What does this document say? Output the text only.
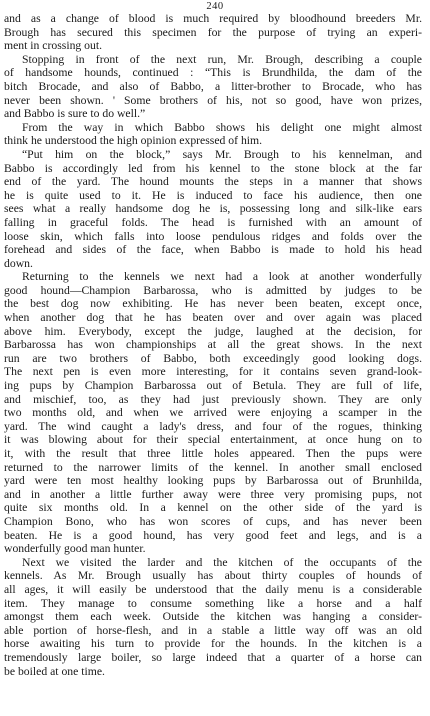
240
and as a change of blood is much required by bloodhound breeders Mr.
Brough has secured this specimen for the purpose of trying an experi-
ment in crossing out.
Stopping in front of the next run, Mr. Brough, describing a couple
of handsome hounds, continued : “This is Brundhilda, the dam of the
bitch Brocade, and also of Babbo, a litter-brother to Brocade, who has
never been shown. ' Some brothers of his, not so good, have won prizes,
and Babbo is sure to do well.”
From the way in which Babbo shows his delight one might almost
think he understood the high opinion expressed of him.
“Put him on the block,” says Mr. Brough to his kennelman, and
Babbo is accordingly led from his kennel to the stone block at the far
end of the yard. The hound mounts the steps in a manner that shows
he is quite used to it. He is induced to face his audience, then one
sees what a really handsome dog he is, possessing long and silk-like ears
falling in graceful folds. The head is furnished with an amount of
loose skin, which falls into loose pendulous ridges and folds over the
forehead and sides of the face, when Babbo is made to hold his head
down.
Returning to the kennels we next had a look at another wonderfully
good hound—Champion Barbarossa, who is admitted by judges to be
the best dog now exhibiting. He has never been beaten, except once,
when another dog that he has beaten over and over again was placed
above him. Everybody, except the judge, laughed at the decision, for
Barbarossa has won championships at all the great shows. In the next
run are two brothers of Babbo, both exceedingly good looking dogs.
The next pen is even more interesting, for it contains seven grand-look-
ing pups by Champion Barbarossa out of Betula. They are full of life,
and mischief, too, as they had just previously shown. They are only
two months old, and when we arrived were enjoying a scamper in the
yard. The wind caught a lady's dress, and four of the rogues, thinking
it was blowing about for their special entertainment, at once hung on to
it, with the result that three little holes appeared. Then the pups were
returned to the narrower limits of the kennel. In another small enclosed
yard were ten most healthy looking pups by Barbarossa out of Brunhilda,
and in another a little further away were three very promising pups, not
quite six months old. In a kennel on the other side of the yard is
Champion Bono, who has won scores of cups, and has never been
beaten. He is a good hound, has very good feet and legs, and is a
wonderfully good man hunter.
Next we visited the larder and the kitchen of the occupants of the
kennels. As Mr. Brough usually has about thirty couples of hounds of
all ages, it will easily be understood that the daily menu is a considerable
item. They manage to consume something like a horse and a half
amongst them each week. Outside the kitchen was hanging a consider-
able portion of horse-flesh, and in a stable a little way off was an old
horse awaiting his turn to provide for the hounds. In the kitchen is a
tremendously large boiler, so large indeed that a quarter of a horse can
be boiled at one time.
